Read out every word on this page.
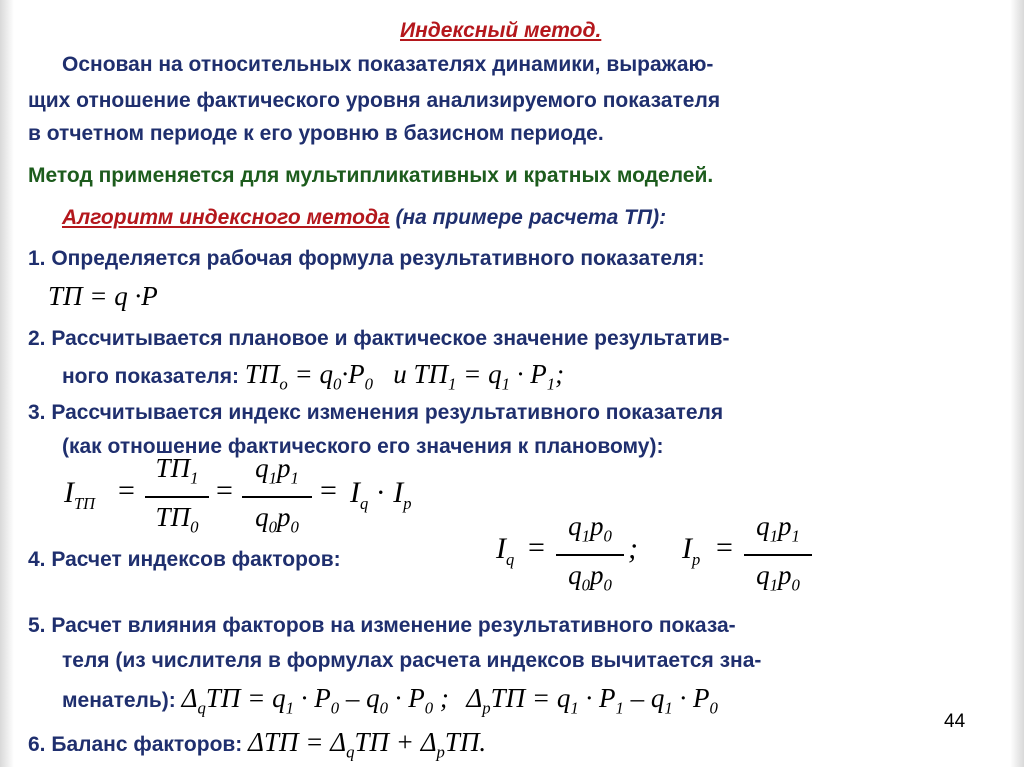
Индексный метод.
Основан на относительных показателях динамики, выражаю-
щих отношение фактического уровня анализируемого показателя
в отчетном периоде к его уровню в базисном периоде.
Метод применяется для мультипликативных и кратных моделей.
Алгоритм индексного метода (на примере расчета ТП):
1. Определяется рабочая формула результативного показателя:
ТП = q ·P
2. Рассчитывается плановое и фактическое значение результатив-
ного показателя: $ТП_o = q_0\cdot P_0$ и $ТП_1 = q_1 \cdot P_1$;
3. Рассчитывается индекс изменения результативного показателя
(как отношение фактического его значения к плановому):
$I_{ТП}$ =
$ТП_1$
$ТП_0$
=
$q_1p_1$
$q_0p_0$
= $I_q \cdot I_p$
4. Расчет индексов факторов:	$I_q$ =
$q_1p_0$
$q_0p_0$
; $I_p$ =
$q_1p_1$
$q_1p_0$
5. Расчет влияния факторов на изменение результативного показа-
теля (из числителя в формулах расчета индексов вычитается зна-
менатель): $\Delta_qТП = q_1 \cdot P_0 - q_0 \cdot P_0$ ; $\Delta_pТП = q_1 \cdot P_1 - q_1 \cdot P_0$
6. Баланс факторов: $\Delta ТП = \Delta_qТП + \Delta_pТП$.
44
